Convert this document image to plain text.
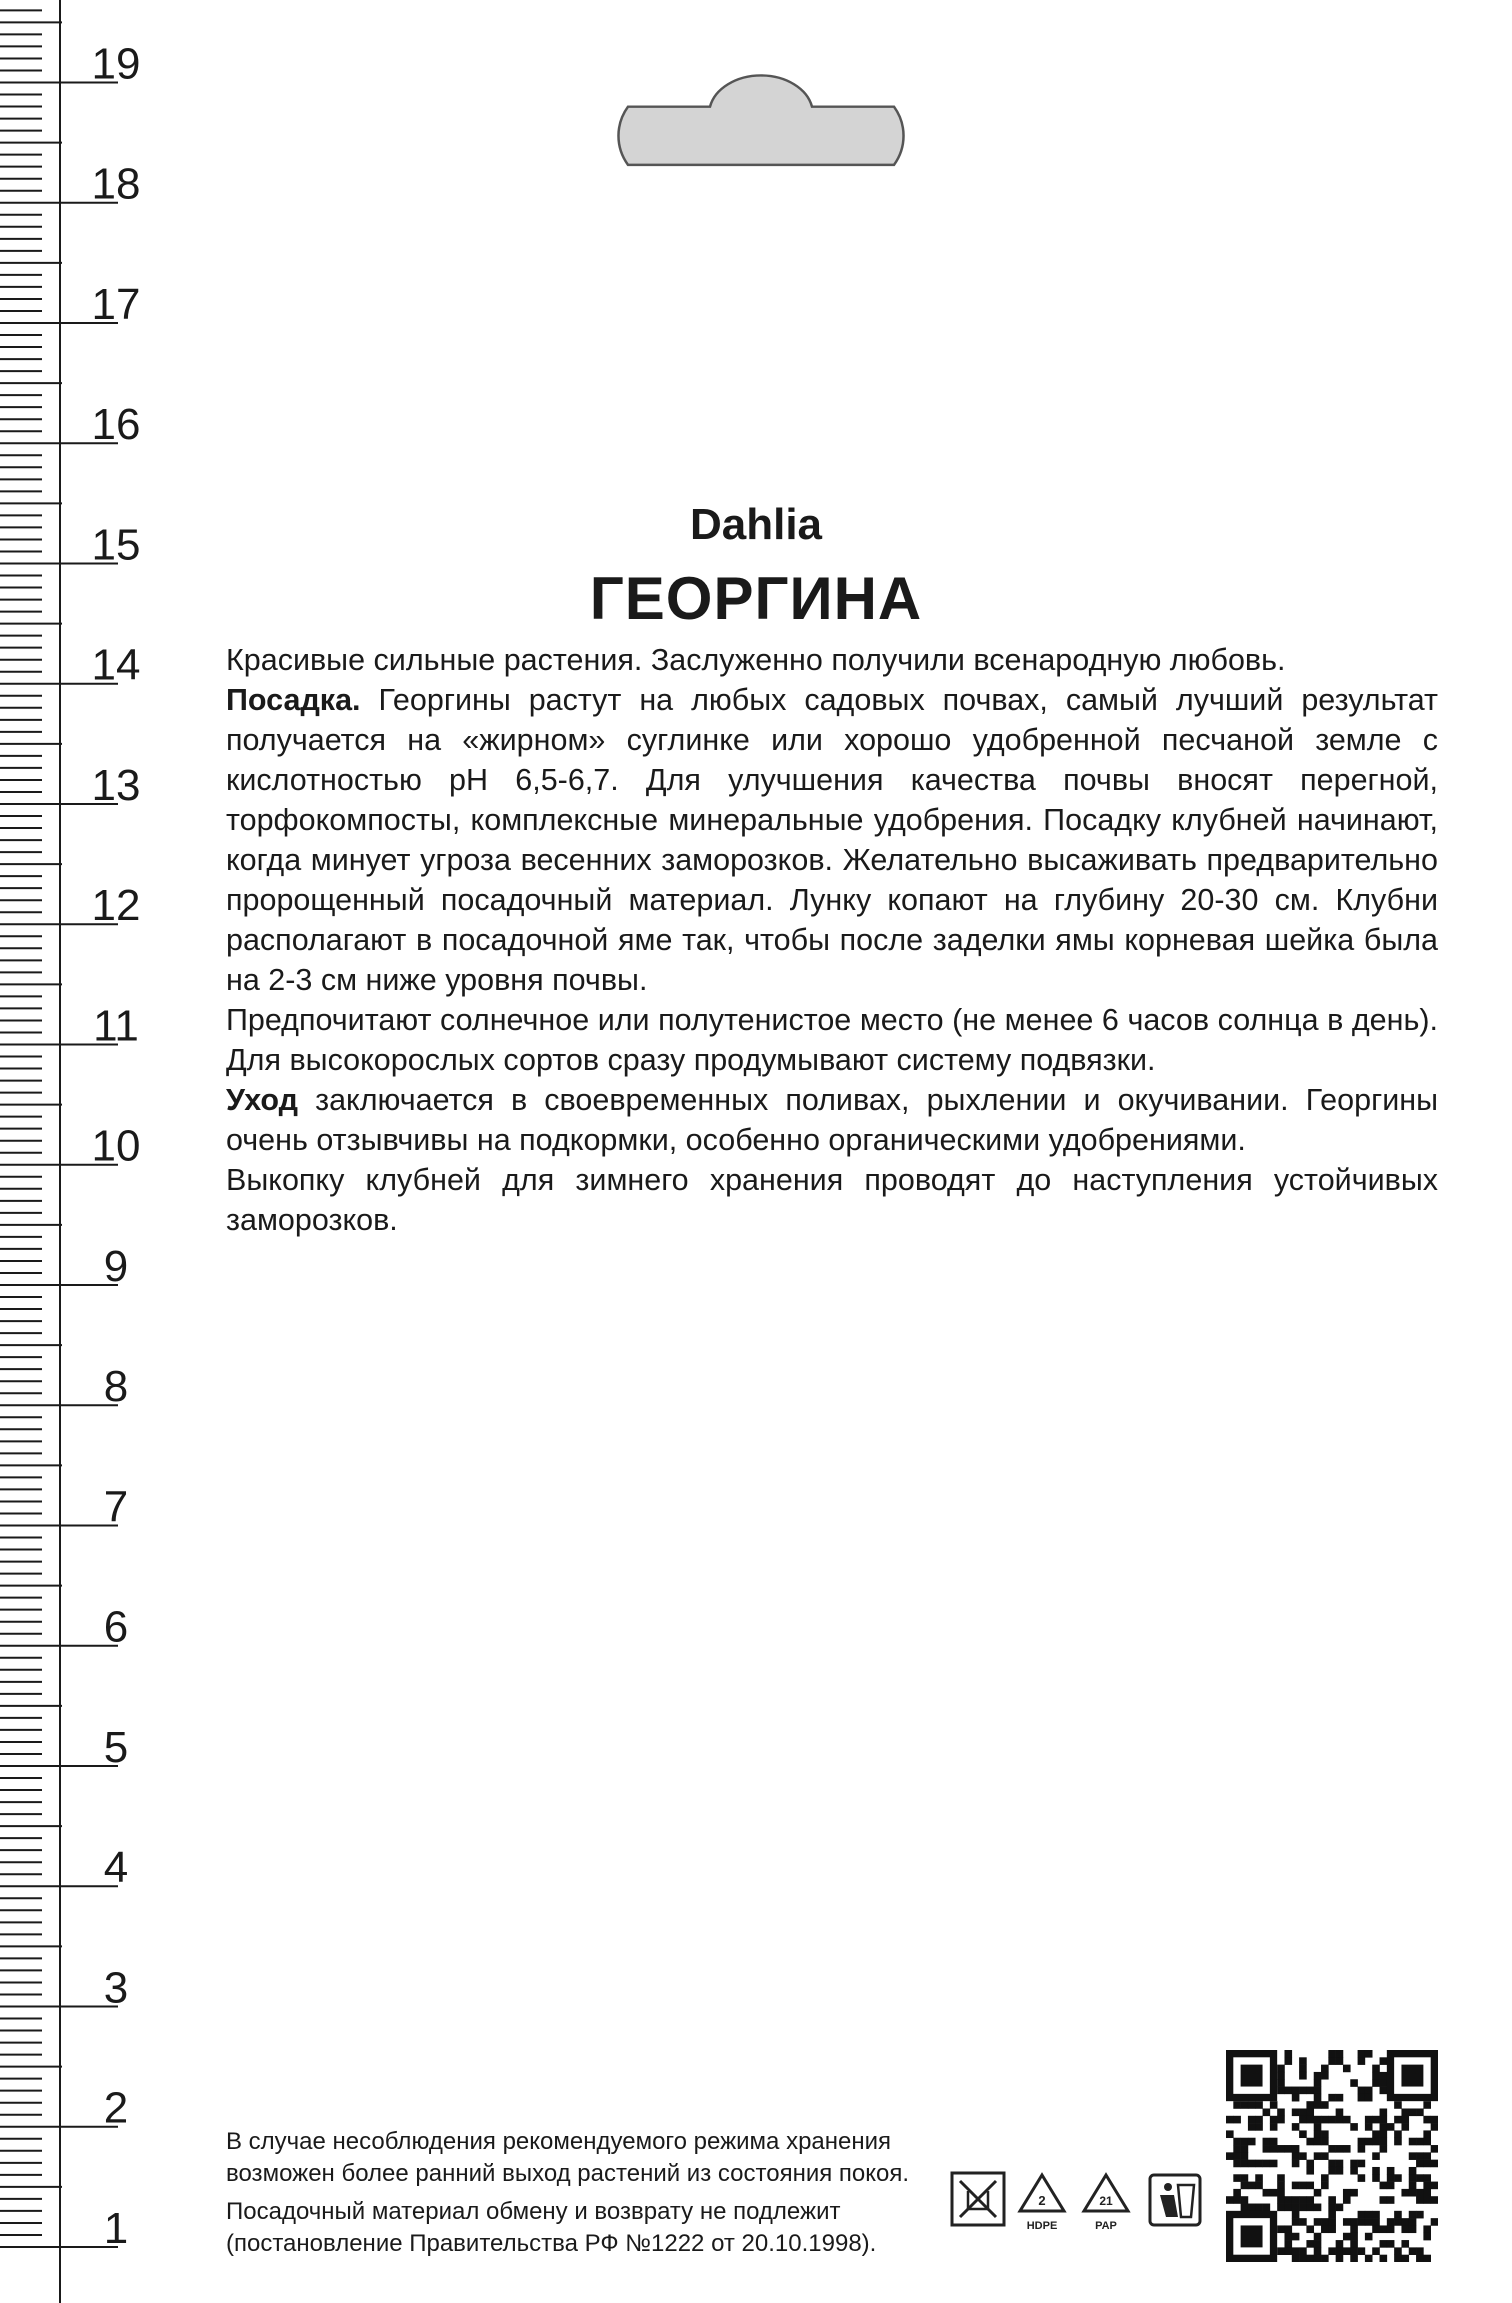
19
18
17
16
15
14
13
12
11
10
9
8
7
6
5
4
3
2
1
Dahlia
ГЕОРГИНА

Красивые сильные растения. Заслуженно получили всенародную любовь.

Посадка. Георгины растут на любых садовых почвах, самый лучший результат получается на «жирном» суглинке или хорошо удобренной песчаной земле с кислотностью рН 6,5-6,7. Для улучшения качества почвы вносят перегной, торфокомпосты, комплексные минеральные удобрения. Посадку клубней начинают, когда минует угроза весенних заморозков. Желательно высаживать предварительно пророщенный посадочный материал. Лунку копают на глубину 20-30 см. Клубни располагают в посадочной яме так, чтобы после заделки ямы корневая шейка была на 2-3 см ниже уровня почвы.

Предпочитают солнечное или полутенистое место (не менее 6 часов солнца в день). Для высокорослых сортов сразу продумывают систему подвязки.

Уход заключается в своевременных поливах, рыхлении и окучивании. Георгины очень отзывчивы на подкормки, особенно органическими удобрениями.

Выкопку клубней для зимнего хранения проводят до наступления устойчивых заморозков.

В случае несоблюдения рекомендуемого режима хранения
возможен более ранний выход растений из состояния покоя.
Посадочный материал обмену и возврату не подлежит
(постановление Правительства РФ №1222 от 20.10.1998).
2
HDPE
21
PAP
